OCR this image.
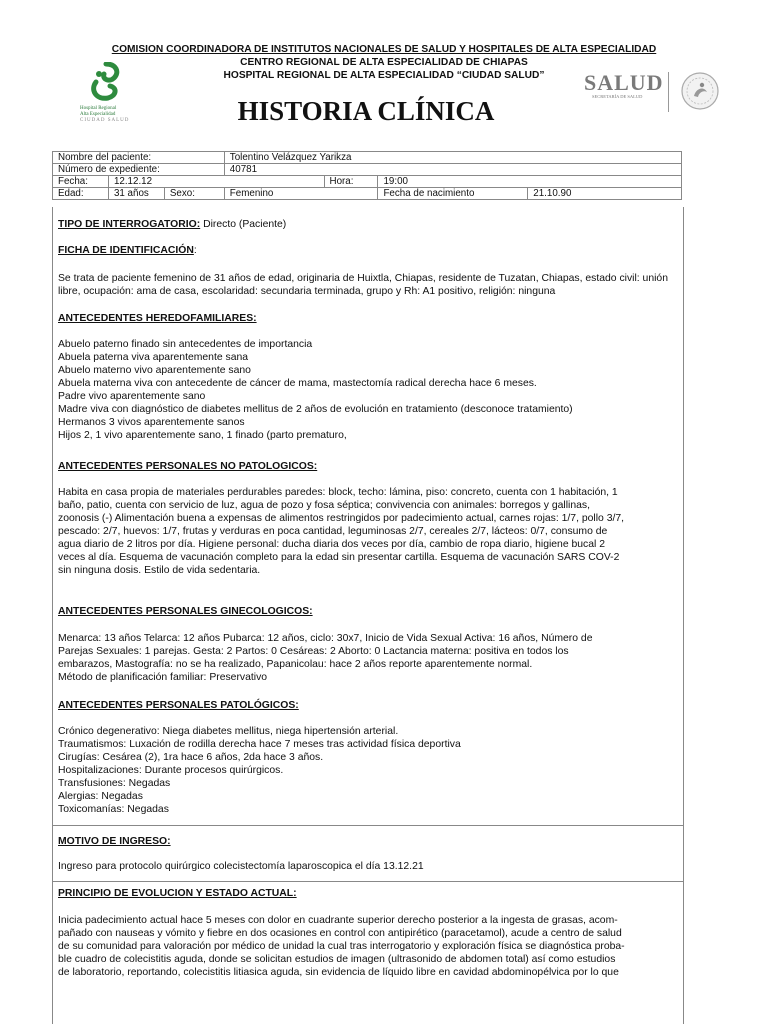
COMISION COORDINADORA DE INSTITUTOS NACIONALES DE SALUD Y HOSPITALES DE ALTA ESPECIALIDAD
CENTRO REGIONAL DE ALTA ESPECIALIDAD DE CHIAPAS
HOSPITAL REGIONAL DE ALTA ESPECIALIDAD “CIUDAD SALUD”
Hospital Regional
Alta Especialidad
CIUDAD SALUD	HISTORIA CLÍNICA
SALUD
SECRETARÍA DE SALUD
Nombre del paciente:			Tolentino Velázquez Yarikza			
Número de expediente:			40781			
Fecha:	12.12.12			Hora:	19:00	
Edad:	31 años	Sexo:	Femenino		Fecha de nacimiento	21.10.90
TIPO DE INTERROGATORIO: Directo (Paciente)
FICHA DE IDENTIFICACIÓN:
Se trata de paciente femenino de 31 años de edad, originaria de Huixtla, Chiapas, residente de Tuzatan, Chiapas, estado civil: unión libre, ocupación: ama de casa, escolaridad: secundaria terminada, grupo y Rh: A1 positivo, religión: ninguna
ANTECEDENTES HEREDOFAMILIARES:
Abuelo paterno finado sin antecedentes de importancia
Abuela paterna viva aparentemente sana
Abuelo materno vivo aparentemente sano
Abuela materna viva con antecedente de cáncer de mama, mastectomía radical derecha hace 6 meses.
Padre vivo aparentemente sano
Madre viva con diagnóstico de diabetes mellitus de 2 años de evolución en tratamiento (desconoce tratamiento)
Hermanos 3 vivos aparentemente sanos
Hijos 2, 1 vivo aparentemente sano, 1 finado (parto prematuro,
ANTECEDENTES PERSONALES NO PATOLOGICOS:
Habita en casa propia de materiales perdurables paredes: block, techo: lámina, piso: concreto, cuenta con 1 habitación, 1
baño, patio, cuenta con servicio de luz, agua de pozo y fosa séptica; convivencia con animales: borregos y gallinas,
zoonosis (-) Alimentación buena a expensas de alimentos restringidos por padecimiento actual, carnes rojas: 1/7, pollo 3/7,
pescado: 2/7, huevos: 1/7, frutas y verduras en poca cantidad, leguminosas 2/7, cereales 2/7, lácteos: 0/7, consumo de
agua diario de 2 litros por día. Higiene personal: ducha diaria dos veces por día, cambio de ropa diario, higiene bucal 2
veces al día. Esquema de vacunación completo para la edad sin presentar cartilla. Esquema de vacunación SARS COV-2
sin ninguna dosis. Estilo de vida sedentaria.
ANTECEDENTES PERSONALES GINECOLOGICOS:
Menarca: 13 años Telarca: 12 años Pubarca: 12 años, ciclo: 30x7, Inicio de Vida Sexual Activa: 16 años, Número de
Parejas Sexuales: 1 parejas. Gesta: 2 Partos: 0 Cesáreas: 2 Aborto: 0 Lactancia materna: positiva en todos los
embarazos, Mastografía: no se ha realizado, Papanicolau: hace 2 años reporte aparentemente normal.
Método de planificación familiar: Preservativo
ANTECEDENTES PERSONALES PATOLÓGICOS:
Crónico degenerativo: Niega diabetes mellitus, niega hipertensión arterial.
Traumatismos: Luxación de rodilla derecha hace 7 meses tras actividad física deportiva
Cirugías: Cesárea (2), 1ra hace 6 años, 2da hace 3 años.
Hospitalizaciones: Durante procesos quirúrgicos.
Transfusiones: Negadas
Alergias: Negadas
Toxicomanías: Negadas
MOTIVO DE INGRESO:
Ingreso para protocolo quirúrgico colecistectomía laparoscopica el día 13.12.21
PRINCIPIO DE EVOLUCION Y ESTADO ACTUAL:
Inicia padecimiento actual hace 5 meses con dolor en cuadrante superior derecho posterior a la ingesta de grasas, acom-
pañado con nauseas y vómito y fiebre en dos ocasiones en control con antipirético (paracetamol), acude a centro de salud
de su comunidad para valoración por médico de unidad la cual tras interrogatorio y exploración física se diagnóstica proba-
ble cuadro de colecistitis aguda, donde se solicitan estudios de imagen (ultrasonido de abdomen total) así como estudios
de laboratorio, reportando, colecistitis litiasica aguda, sin evidencia de líquido libre en cavidad abdominopélvica por lo que
